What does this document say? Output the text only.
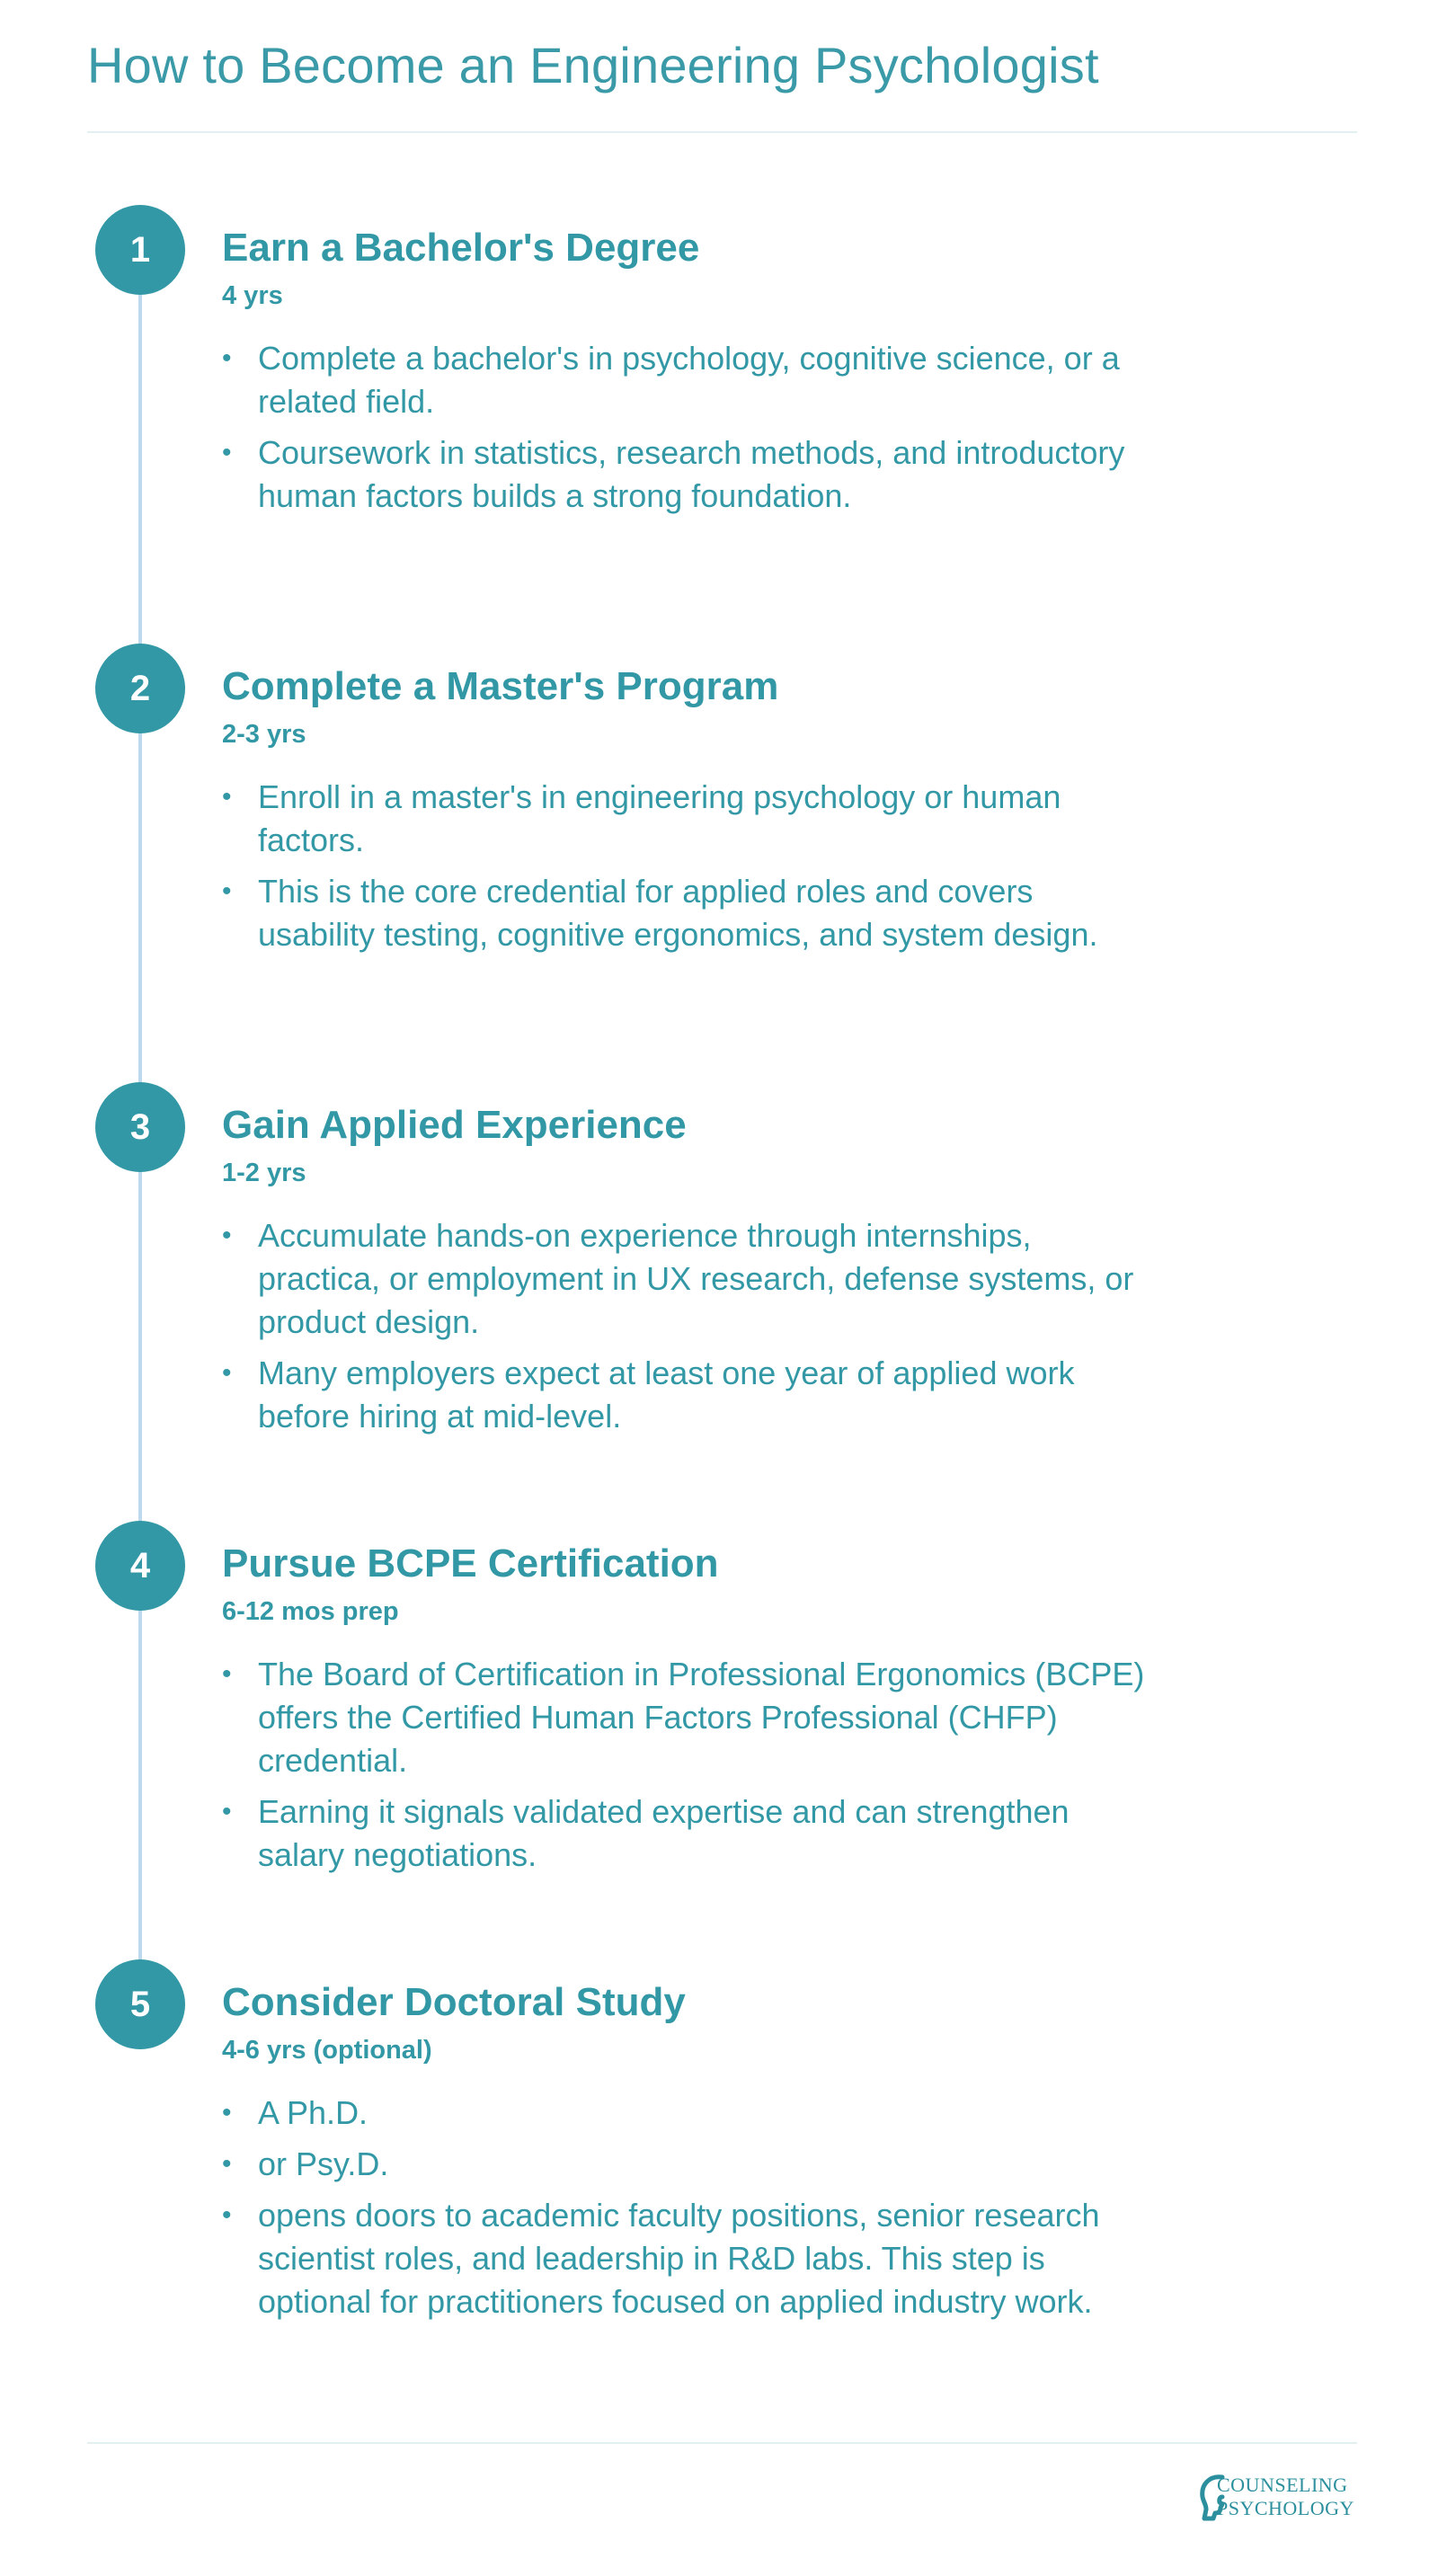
How to Become an Engineering Psychologist
1	Earn a Bachelor's Degree
4 yrs
• Complete a bachelor's in psychology, cognitive science, or a related field.
• Coursework in statistics, research methods, and introductory human factors builds a strong foundation.
2	Complete a Master's Program
2-3 yrs
• Enroll in a master's in engineering psychology or human factors.
• This is the core credential for applied roles and covers usability testing, cognitive ergonomics, and system design.
3	Gain Applied Experience
1-2 yrs
• Accumulate hands-on experience through internships, practica, or employment in UX research, defense systems, or product design.
• Many employers expect at least one year of applied work before hiring at mid-level.
4	Pursue BCPE Certification
6-12 mos prep
• The Board of Certification in Professional Ergonomics (BCPE) offers the Certified Human Factors Professional (CHFP) credential.
• Earning it signals validated expertise and can strengthen salary negotiations.
5	Consider Doctoral Study
4-6 yrs (optional)
• A Ph.D.
• or Psy.D.
• opens doors to academic faculty positions, senior research scientist roles, and leadership in R&D labs. This step is optional for practitioners focused on applied industry work.
COUNSELING
PSYCHOLOGY
